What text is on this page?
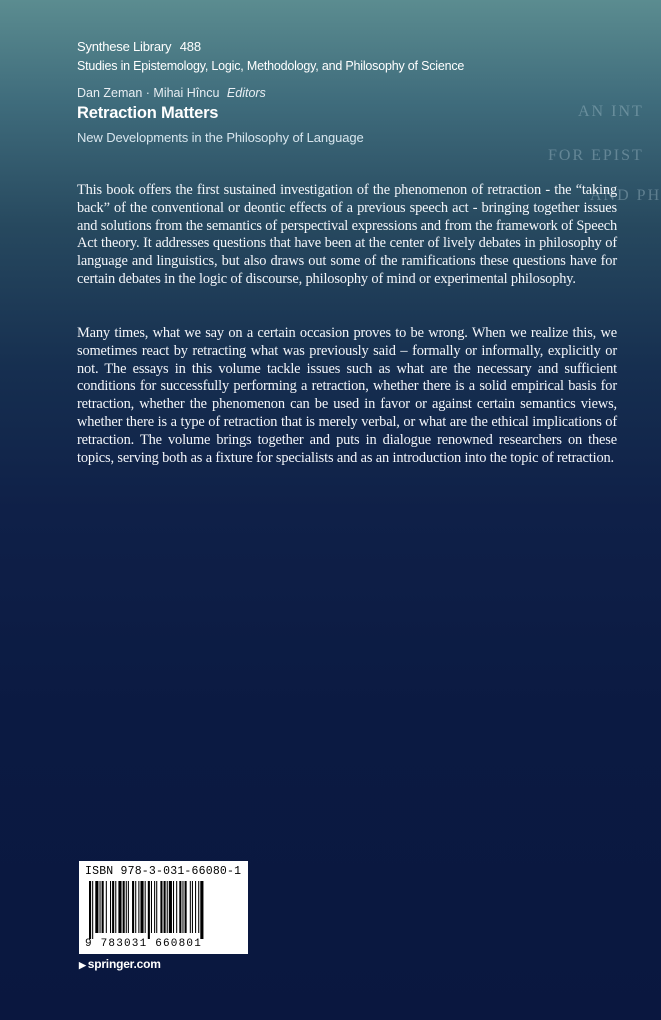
Synthese Library 488
Studies in Epistemology, Logic, Methodology, and Philosophy of Science
Dan Zeman · Mihai Hîncu Editors
Retraction Matters
New Developments in the Philosophy of Language
AN INT
FOR EPIST
AND PH
This book offers the first sustained investigation of the phenomenon of retraction - the “taking back” of the conventional or deontic effects of a previous speech act - bringing together issues and solutions from the semantics of perspectival expressions and from the framework of Speech Act theory. It addresses questions that have been at the center of lively debates in philosophy of language and linguistics, but also draws out some of the ramifications these questions have for certain debates in the logic of discourse, philosophy of mind or experimental philosophy.
Many times, what we say on a certain occasion proves to be wrong. When we realize this, we sometimes react by retracting what was previously said – formally or informally, explicitly or not. The essays in this volume tackle issues such as what are the necessary and sufficient conditions for successfully performing a retraction, whether there is a solid empirical basis for retraction, whether the phenomenon can be used in favor or against certain semantics views, whether there is a type of retraction that is merely verbal, or what are the ethical implications of retraction. The volume brings together and puts in dialogue renowned researchers on these topics, serving both as a fixture for specialists and as an introduction into the topic of retraction.
ISBN 978-3-031-66080-1
9 783031 660801
▶ springer.com
